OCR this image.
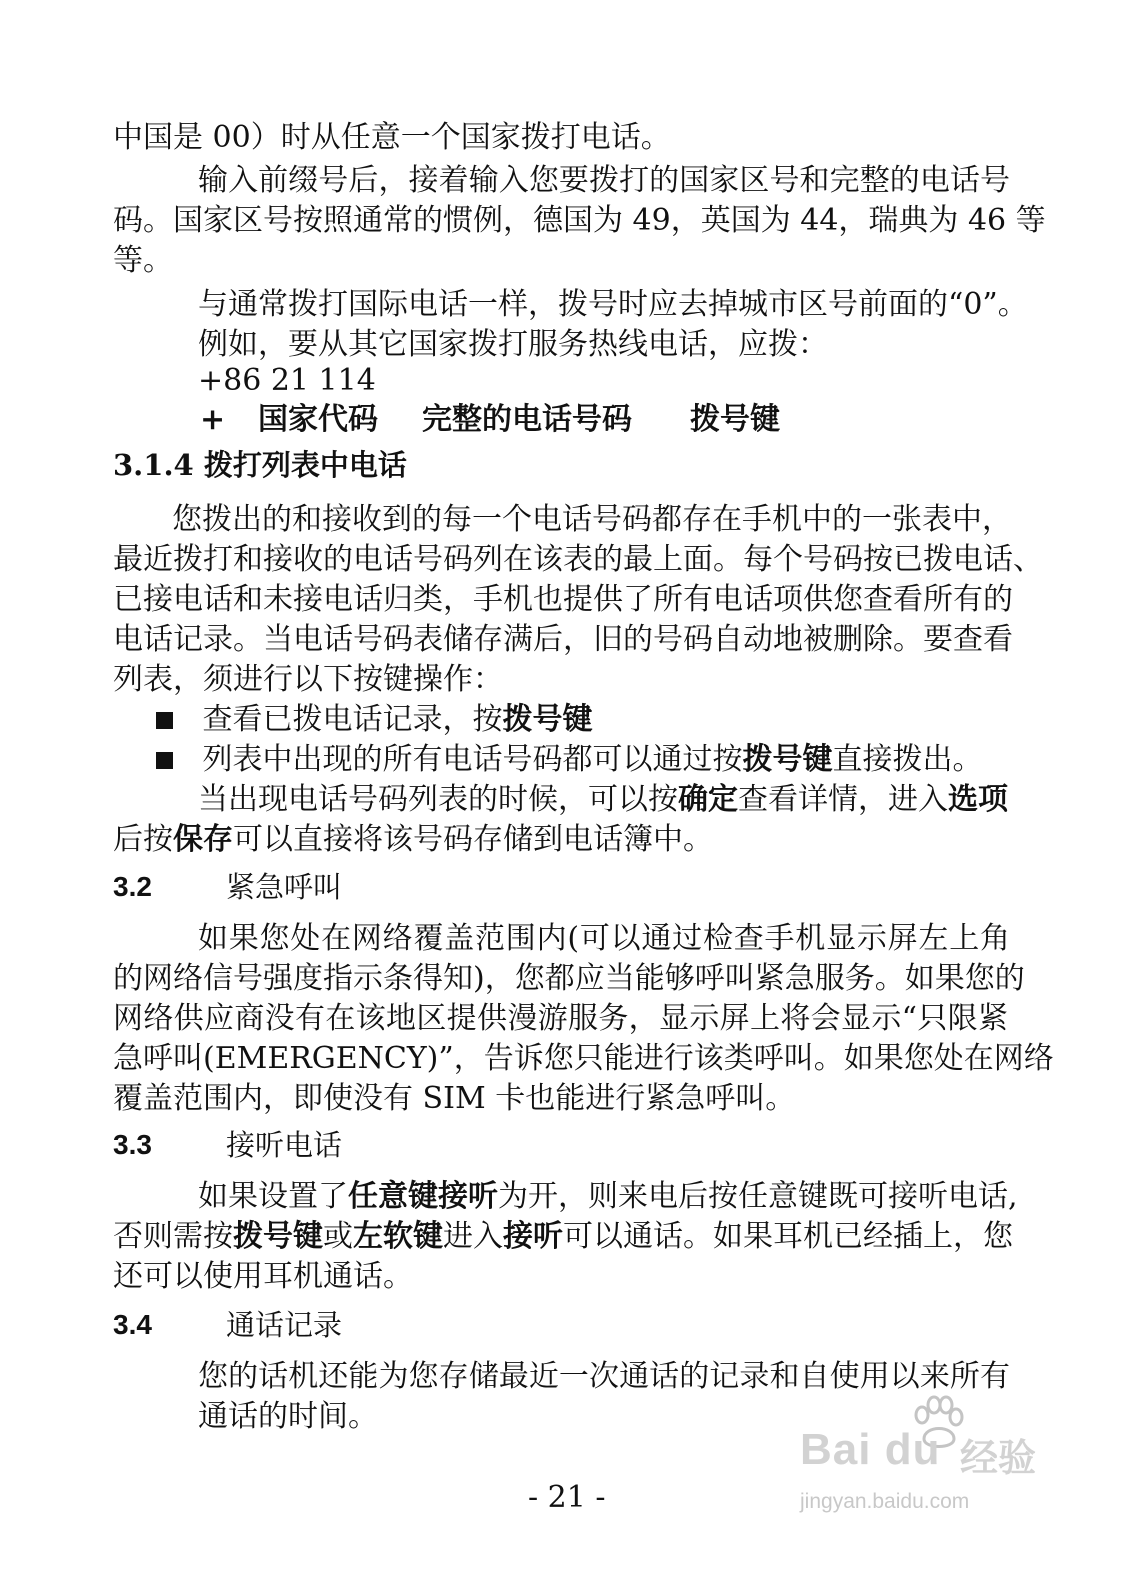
中国是 00）时从任意一个国家拨打电话。
输入前缀号后，接着输入您要拨打的国家区号和完整的电话号
码。国家区号按照通常的惯例，德国为 49，英国为 44，瑞典为 46 等
等。
与通常拨打国际电话一样，拨号时应去掉城市区号前面的“0”。
例如，要从其它国家拨打服务热线电话，应拨：
+86 21 114
+ 国家代码 完整的电话号码 拨号键
3.1.4 拨打列表中电话
您拨出的和接收到的每一个电话号码都存在手机中的一张表中，
最近拨打和接收的电话号码列在该表的最上面。每个号码按已拨电话、
已接电话和未接电话归类，手机也提供了所有电话项供您查看所有的
电话记录。当电话号码表储存满后，旧的号码自动地被删除。要查看
列表，须进行以下按键操作：
查看已拨电话记录，按拨号键
列表中出现的所有电话号码都可以通过按拨号键直接拨出。
当出现电话号码列表的时候，可以按确定查看详情，进入选项
后按保存可以直接将该号码存储到电话簿中。
3.2	紧急呼叫
如果您处在网络覆盖范围内(可以通过检查手机显示屏左上角
的网络信号强度指示条得知)，您都应当能够呼叫紧急服务。如果您的
网络供应商没有在该地区提供漫游服务，显示屏上将会显示“只限紧
急呼叫(EMERGENCY)”，告诉您只能进行该类呼叫。如果您处在网络
覆盖范围内，即使没有 SIM 卡也能进行紧急呼叫。
3.3	接听电话
如果设置了任意键接听为开，则来电后按任意键既可接听电话,
否则需按拨号键或左软键进入接听可以通话。如果耳机已经插上，您
还可以使用耳机通话。
3.4	通话记录
您的话机还能为您存储最近一次通话的记录和自使用以来所有
通话的时间。
- 21 -
Bai du 经验
jingyan.baidu.com
